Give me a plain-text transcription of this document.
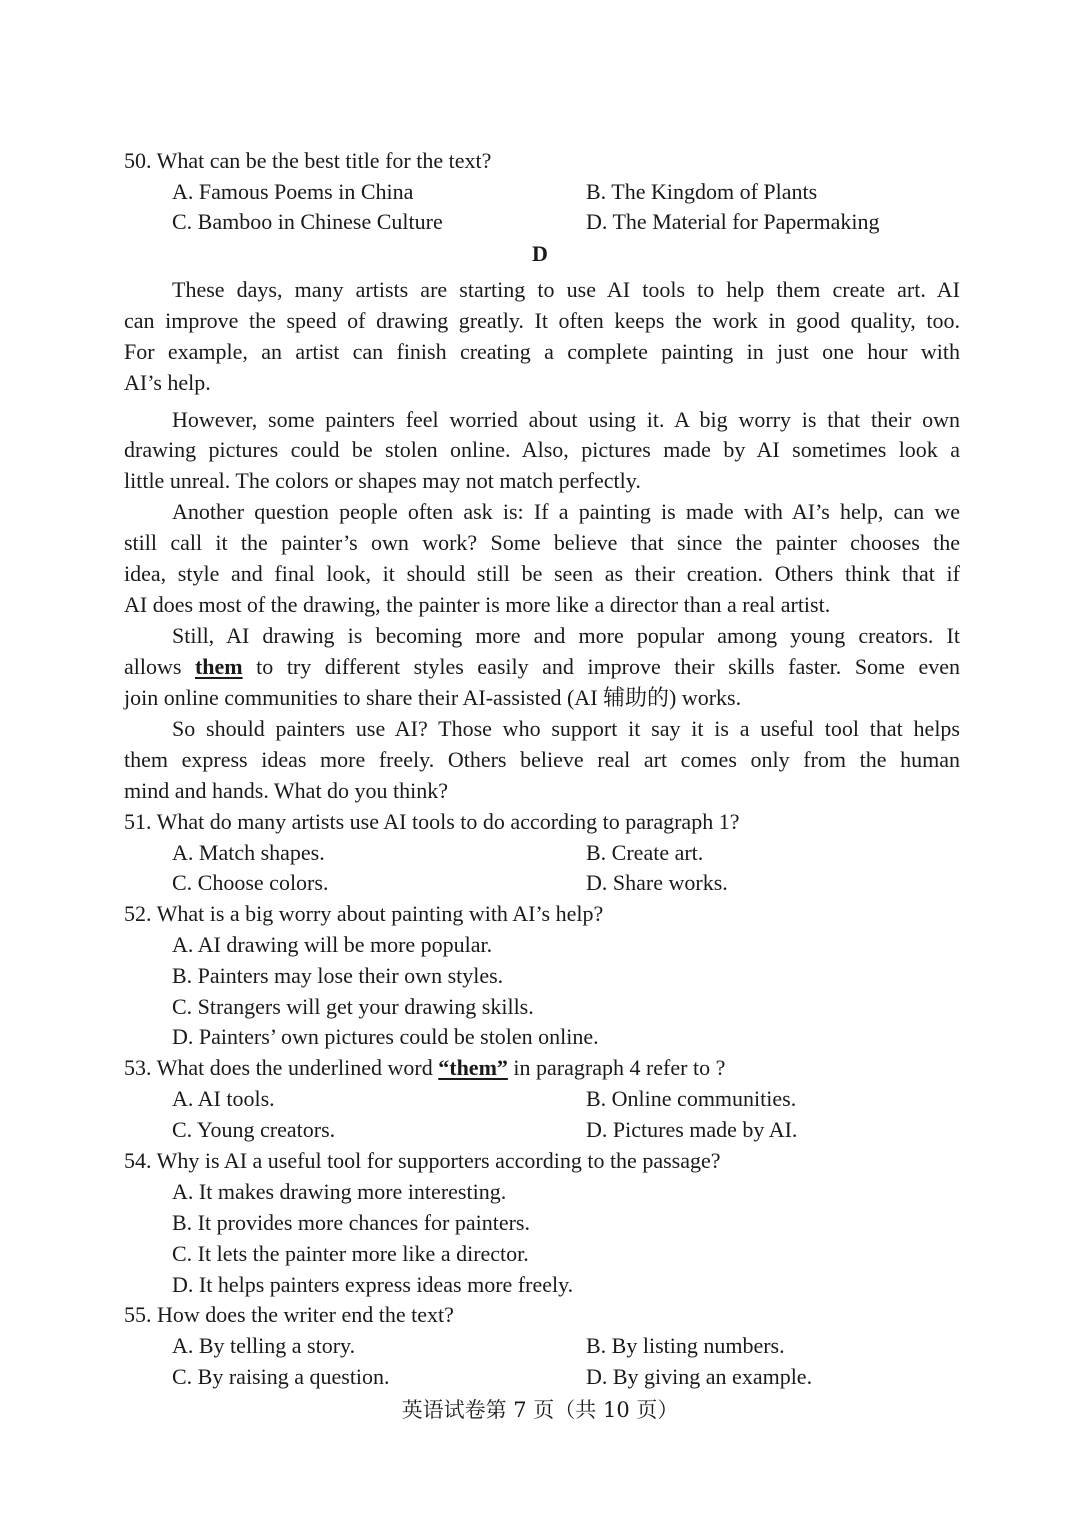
50. What can be the best title for the text?
A. Famous Poems in China	B. The Kingdom of Plants
C. Bamboo in Chinese Culture	D. The Material for Papermaking
D
These days, many artists are starting to use AI tools to help them create art. AI
can improve the speed of drawing greatly. It often keeps the work in good quality, too.
For example, an artist can finish creating a complete painting in just one hour with
AI’s help.
However, some painters feel worried about using it. A big worry is that their own
drawing pictures could be stolen online. Also, pictures made by AI sometimes look a
little unreal. The colors or shapes may not match perfectly.
Another question people often ask is: If a painting is made with AI’s help, can we
still call it the painter’s own work? Some believe that since the painter chooses the
idea, style and final look, it should still be seen as their creation. Others think that if
AI does most of the drawing, the painter is more like a director than a real artist.
Still, AI drawing is becoming more and more popular among young creators. It
allows them to try different styles easily and improve their skills faster. Some even
join online communities to share their AI-assisted (AI 辅助的) works.
So should painters use AI? Those who support it say it is a useful tool that helps
them express ideas more freely. Others believe real art comes only from the human
mind and hands. What do you think?
51. What do many artists use AI tools to do according to paragraph 1?
A. Match shapes.	B. Create art.
C. Choose colors.	D. Share works.
52. What is a big worry about painting with AI’s help?
A. AI drawing will be more popular.
B. Painters may lose their own styles.
C. Strangers will get your drawing skills.
D. Painters’ own pictures could be stolen online.
53. What does the underlined word “them” in paragraph 4 refer to ?
A. AI tools.	B. Online communities.
C. Young creators.	D. Pictures made by AI.
54. Why is AI a useful tool for supporters according to the passage?
A. It makes drawing more interesting.
B. It provides more chances for painters.
C. It lets the painter more like a director.
D. It helps painters express ideas more freely.
55. How does the writer end the text?
A. By telling a story.	B. By listing numbers.
C. By raising a question.	D. By giving an example.
英语试卷第 7 页（共 10 页）
